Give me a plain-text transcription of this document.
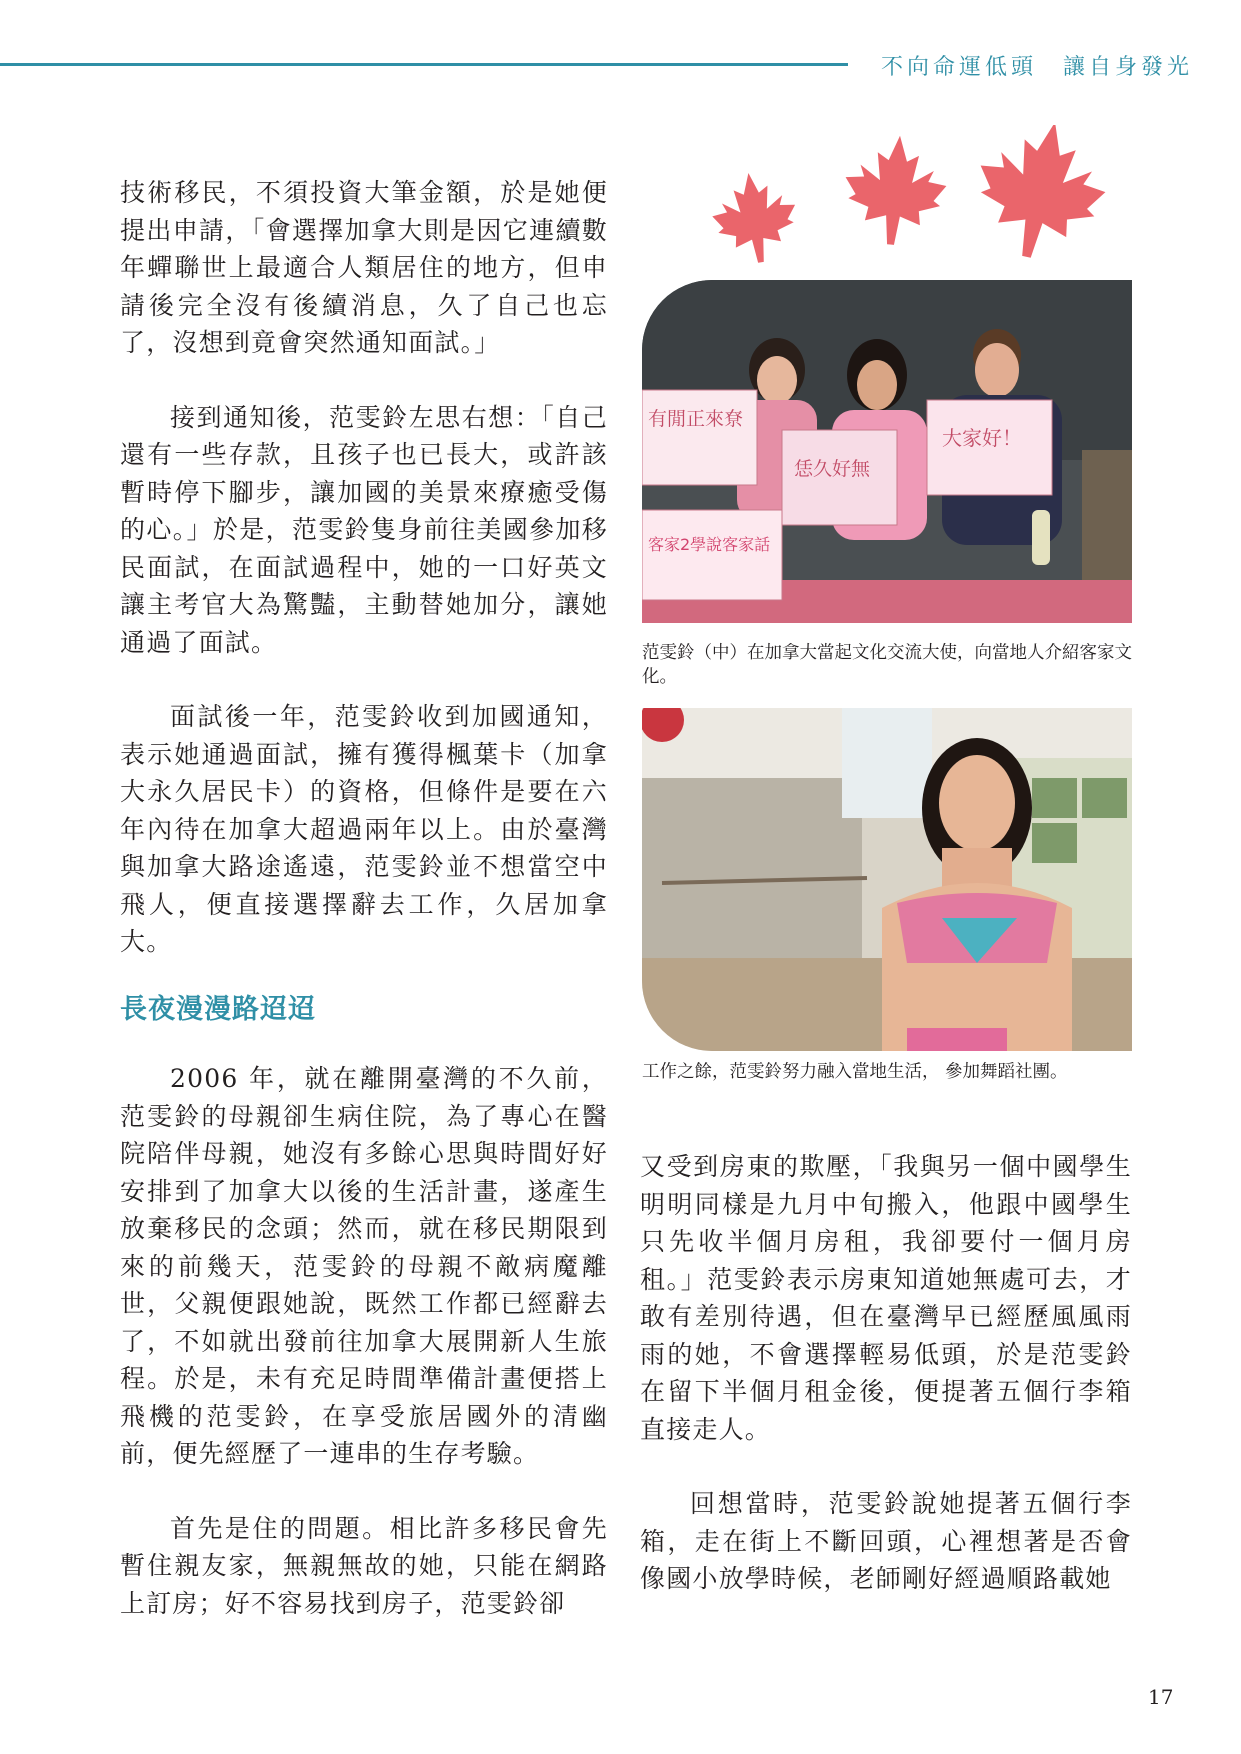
不向命運低頭　讓自身發光

技術移民，不須投資大筆金額，於是她便提出申請，「會選擇加拿大則是因它連續數年蟬聯世上最適合人類居住的地方，但申請後完全沒有後續消息，久了自己也忘了，沒想到竟會突然通知面試。」

接到通知後，范雯鈴左思右想：「自己還有一些存款，且孩子也已長大，或許該暫時停下腳步，讓加國的美景來療癒受傷的心。」於是，范雯鈴隻身前往美國參加移民面試，在面試過程中，她的一口好英文讓主考官大為驚豔，主動替她加分，讓她通過了面試。

面試後一年，范雯鈴收到加國通知，表示她通過面試，擁有獲得楓葉卡（加拿大永久居民卡）的資格，但條件是要在六年內待在加拿大超過兩年以上。由於臺灣與加拿大路途遙遠，范雯鈴並不想當空中飛人，便直接選擇辭去工作，久居加拿大。

長夜漫漫路迢迢

2006 年，就在離開臺灣的不久前，范雯鈴的母親卻生病住院，為了專心在醫院陪伴母親，她沒有多餘心思與時間好好安排到了加拿大以後的生活計畫，遂產生放棄移民的念頭；然而，就在移民期限到來的前幾天，范雯鈴的母親不敵病魔離世，父親便跟她說，既然工作都已經辭去了，不如就出發前往加拿大展開新人生旅程。於是，未有充足時間準備計畫便搭上飛機的范雯鈴，在享受旅居國外的清幽前，便先經歷了一連串的生存考驗。

首先是住的問題。相比許多移民會先暫住親友家，無親無故的她，只能在網路上訂房；好不容易找到房子，范雯鈴卻

有閒正來尞
恁久好無
大家好！
客家2學說客家話
范雯鈴（中）在加拿大當起文化交流大使，向當地人介紹客家文化。
工作之餘，范雯鈴努力融入當地生活， 參加舞蹈社團。

又受到房東的欺壓，「我與另一個中國學生明明同樣是九月中旬搬入，他跟中國學生只先收半個月房租，我卻要付一個月房租。」范雯鈴表示房東知道她無處可去，才敢有差別待遇，但在臺灣早已經歷風風雨雨的她，不會選擇輕易低頭，於是范雯鈴在留下半個月租金後，便提著五個行李箱直接走人。

回想當時，范雯鈴說她提著五個行李箱，走在街上不斷回頭，心裡想著是否會像國小放學時候，老師剛好經過順路載她

17
